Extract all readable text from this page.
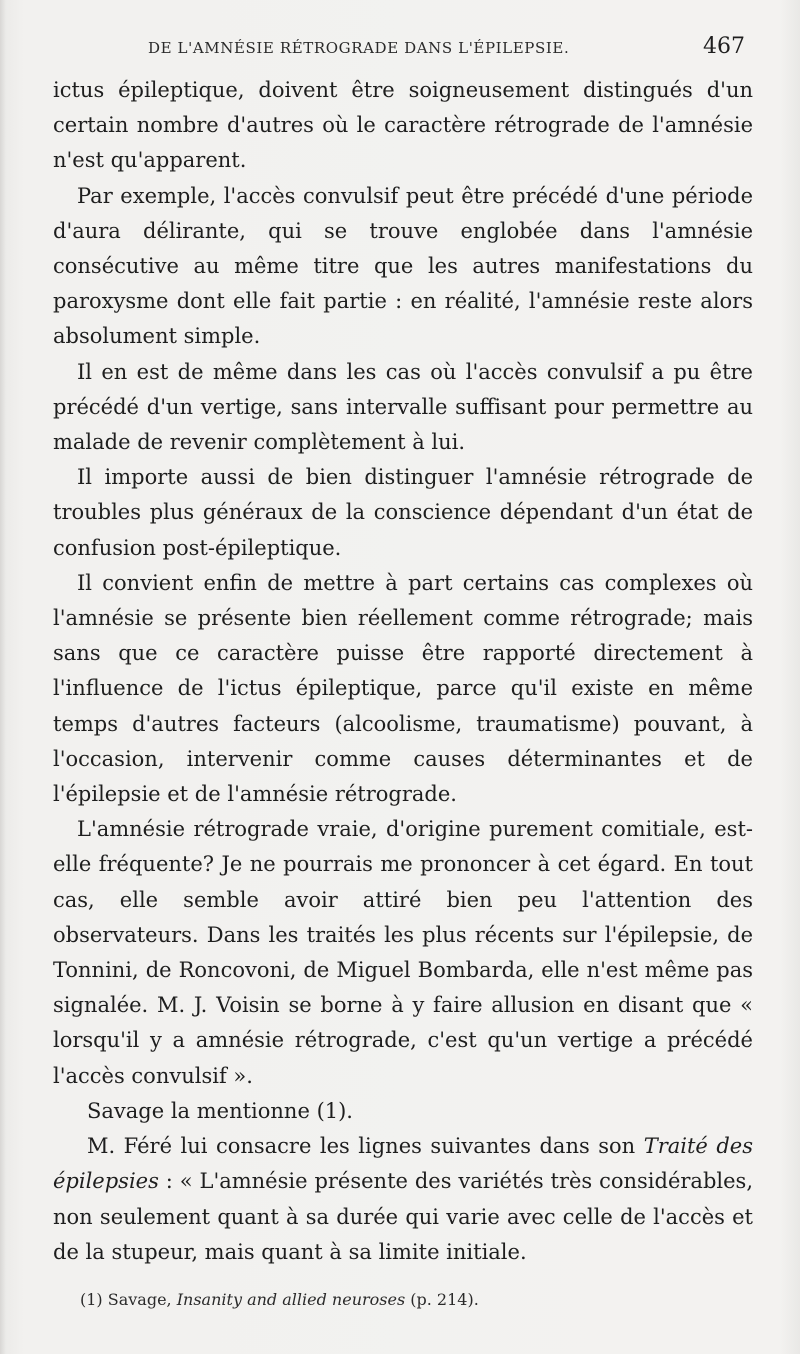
DE L'AMNÉSIE RÉTROGRADE DANS L'ÉPILEPSIE.	467

ictus épileptique, doivent être soigneusement distingués d'un certain nombre d'autres où le caractère rétrograde de l'amnésie n'est qu'apparent.

Par exemple, l'accès convulsif peut être précédé d'une période d'aura délirante, qui se trouve englobée dans l'amnésie consécutive au même titre que les autres manifestations du paroxysme dont elle fait partie : en réalité, l'amnésie reste alors absolument simple.

Il en est de même dans les cas où l'accès convulsif a pu être précédé d'un vertige, sans intervalle suffisant pour permettre au malade de revenir complètement à lui.

Il importe aussi de bien distinguer l'amnésie rétrograde de troubles plus généraux de la conscience dépendant d'un état de confusion post-épileptique.

Il convient enfin de mettre à part certains cas complexes où l'amnésie se présente bien réellement comme rétrograde; mais sans que ce caractère puisse être rapporté directement à l'influence de l'ictus épileptique, parce qu'il existe en même temps d'autres facteurs (alcoolisme, traumatisme) pouvant, à l'occasion, intervenir comme causes déterminantes et de l'épilepsie et de l'amnésie rétrograde.

L'amnésie rétrograde vraie, d'origine purement comitiale, est-elle fréquente? Je ne pourrais me prononcer à cet égard. En tout cas, elle semble avoir attiré bien peu l'attention des observateurs. Dans les traités les plus récents sur l'épilepsie, de Tonnini, de Roncovoni, de Miguel Bombarda, elle n'est même pas signalée. M. J. Voisin se borne à y faire allusion en disant que « lorsqu'il y a amnésie rétrograde, c'est qu'un vertige a précédé l'accès convulsif ».

Savage la mentionne (1).

M. Féré lui consacre les lignes suivantes dans son Traité des épilepsies : « L'amnésie présente des variétés très considérables, non seulement quant à sa durée qui varie avec celle de l'accès et de la stupeur, mais quant à sa limite initiale.

(1) Savage, Insanity and allied neuroses (p. 214).
